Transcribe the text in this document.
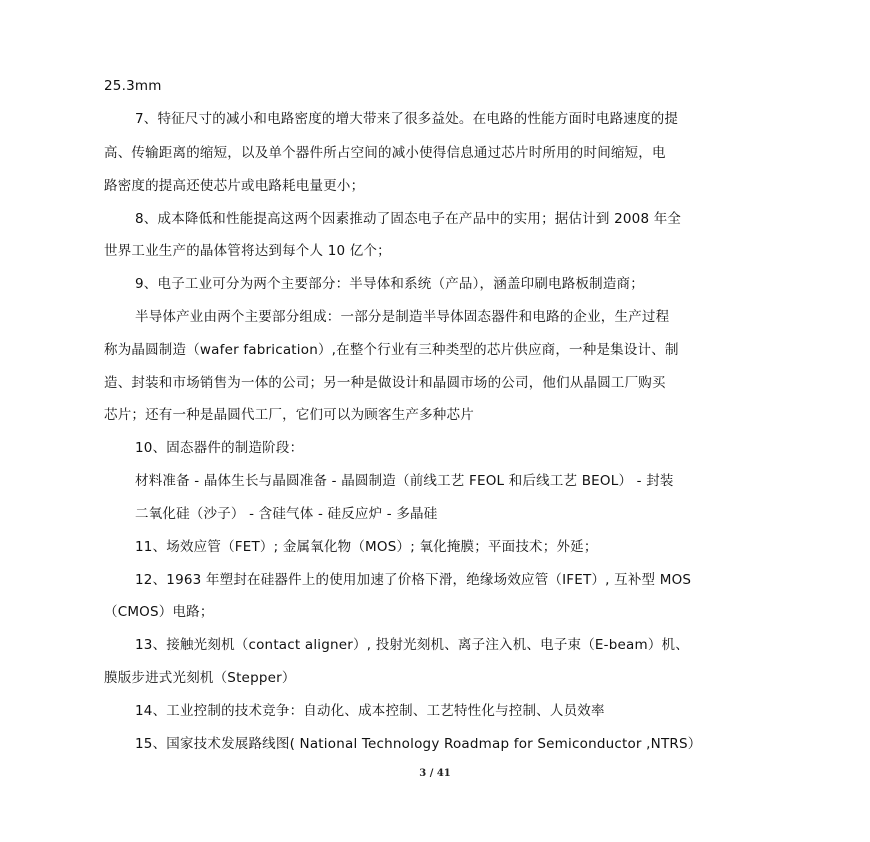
25.3mm
7、特征尺寸的减小和电路密度的增大带来了很多益处。在电路的性能方面时电路速度的提
高、传输距离的缩短，以及单个器件所占空间的减小使得信息通过芯片时所用的时间缩短，电
路密度的提高还使芯片或电路耗电量更小；
8、成本降低和性能提高这两个因素推动了固态电子在产品中的实用；据估计到 2008 年全
世界工业生产的晶体管将达到每个人 10 亿个；
9、电子工业可分为两个主要部分：半导体和系统（产品），涵盖印刷电路板制造商；
半导体产业由两个主要部分组成：一部分是制造半导体固态器件和电路的企业，生产过程
称为晶圆制造（wafer fabrication）,在整个行业有三种类型的芯片供应商，一种是集设计、制
造、封装和市场销售为一体的公司；另一种是做设计和晶圆市场的公司，他们从晶圆工厂购买
芯片；还有一种是晶圆代工厂，它们可以为顾客生产多种芯片
10、固态器件的制造阶段：
材料准备 - 晶体生长与晶圆准备 - 晶圆制造（前线工艺 FEOL 和后线工艺 BEOL） - 封装
二氧化硅（沙子） - 含硅气体 - 硅反应炉 - 多晶硅
11、场效应管（FET）; 金属氧化物（MOS）; 氧化掩膜；平面技术；外延；
12、1963 年塑封在硅器件上的使用加速了价格下滑，绝缘场效应管（IFET）, 互补型 MOS
（CMOS）电路；
13、接触光刻机（contact aligner）, 投射光刻机、离子注入机、电子束（E-beam）机、
膜版步进式光刻机（Stepper）
14、工业控制的技术竞争：自动化、成本控制、工艺特性化与控制、人员效率
15、国家技术发展路线图( National Technology Roadmap for Semiconductor ,NTRS）
3 / 41
